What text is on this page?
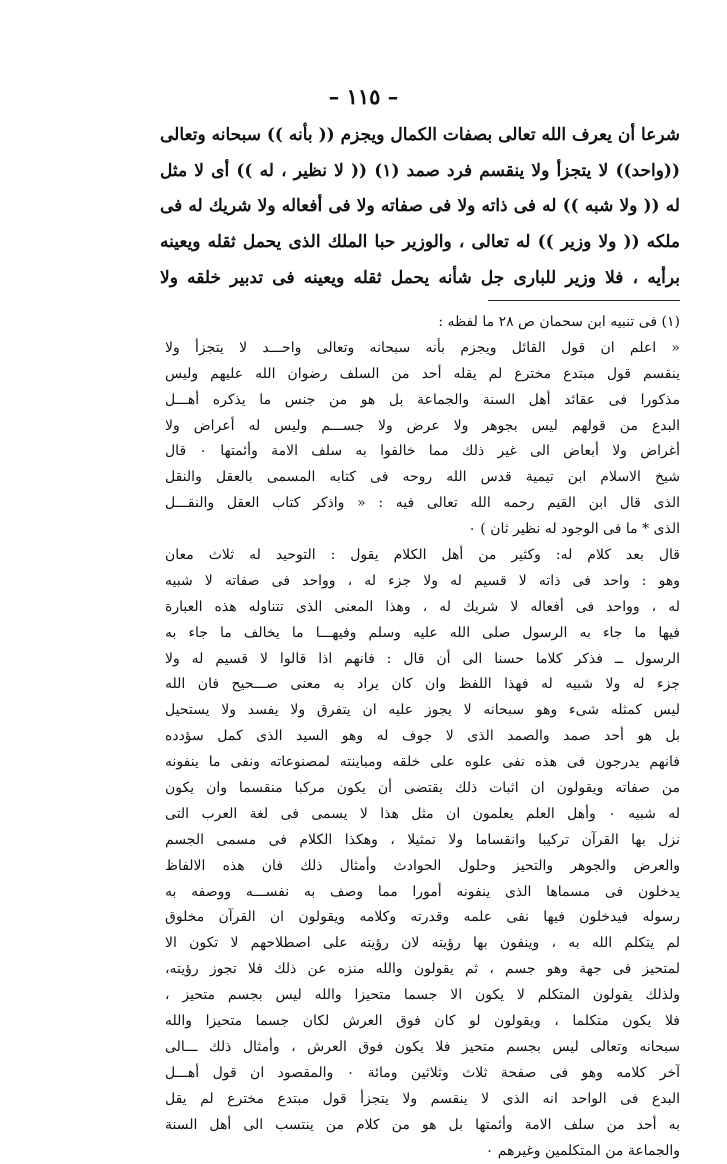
– ١١٥ –
شرعا أن يعرف الله تعالى بصفات الكمال ويجزم (( بأنه )) سبحانه وتعالى
((واحد)) لا يتجزأ ولا ينقسم فرد صمد (١) (( لا نظير ، له )) أى لا مثل
له (( ولا شبه )) له فى ذاته ولا فى صفاته ولا فى أفعاله ولا شريك له فى
ملكه (( ولا وزير )) له تعالى ، والوزير حبا الملك الذى يحمل ثقله ويعينه
برأيه ، فلا وزير للبارى جل شأنه يحمل ثقله ويعينه فى تدبير خلقه ولا
(١) فى تنبيه ابن سحمان ص ٢٨ ما لفظه :
« اعلم ان قول القائل ويجزم بأنه سبحانه وتعالى واحـــد لا يتجزأ ولا
ينقسم قول مبتدع مخترع لم يقله أحد من السلف رضوان الله عليهم وليس
مذكورا فى عقائد أهل السنة والجماعة بل هو من جنس ما يذكره أهـــل
البدع من قولهم ليس بجوهر ولا عرض ولا جســـم وليس له أعراض ولا
أغراض ولا أبعاض الى غير ذلك مما خالفوا به سلف الامة وأئمتها ٠ قال
شيخ الاسلام ابن تيمية قدس الله روحه فى كتابه المسمى بالعقل والنقل
الذى قال ابن القيم رحمه الله تعالى فيه : « واذكر كتاب العقل والنقـــل
الذى * ما فى الوجود له نظير ثان ) ٠
قال بعد كلام له: وكثير من أهل الكلام يقول : التوحيد له ثلاث معان
وهو : واحد فى ذاته لا قسيم له ولا جزء له ، وواحد فى صفاته لا شبيه
له ، وواحد فى أفعاله لا شريك له ، وهذا المعنى الذى تتناوله هذه العبارة
فيها ما جاء به الرسول صلى الله عليه وسلم وفيهـــا ما يخالف ما جاء به
الرسول ــ فذكر كلاما حسنا الى أن قال : فانهم اذا قالوا لا قسيم له ولا
جزء له ولا شبيه له فهذا اللفظ وان كان يراد به معنى صـــحيح فان الله
ليس كمثله شىء وهو سبحانه لا يجوز عليه ان يتفرق ولا يفسد ولا يستحيل
بل هو أحد صمد والصمد الذى لا جوف له وهو السيد الذى كمل سؤدده
فانهم يدرجون فى هذه نفى علوه على خلقه ومباينته لمصنوعاته ونفى ما ينفونه
من صفاته ويقولون ان اثبات ذلك يقتضى أن يكون مركبا منقسما وان يكون
له شبيه ٠ وأهل العلم يعلمون ان مثل هذا لا يسمى فى لغة العرب التى
نزل بها القرآن تركيبا وانقساما ولا تمثيلا ، وهكذا الكلام فى مسمى الجسم
والعرض والجوهر والتحيز وحلول الحوادث وأمثال ذلك فان هذه الالفاظ
يدخلون فى مسماها الذى ينفونه أمورا مما وصف به نفســـه ووصفه به
رسوله فيدخلون فيها نفى علمه وقدرته وكلامه ويقولون ان القرآن مخلوق
لم يتكلم الله به ، وينفون بها رؤيته لان رؤيته على اصطلاحهم لا تكون الا
لمتحيز فى جهة وهو جسم ، ثم يقولون والله منزه عن ذلك فلا تجوز رؤيته،
ولذلك يقولون المتكلم لا يكون الا جسما متحيزا والله ليس بجسم متحيز ،
فلا يكون متكلما ، ويقولون لو كان فوق العرش لكان جسما متحيزا والله
سبحانه وتعالى ليس بجسم متحيز فلا يكون فوق العرش ، وأمثال ذلك ـــالى
آخر كلامه وهو فى صفحة ثلاث وثلاثين ومائة ٠ والمقصود ان قول أهـــل
البدع فى الواحد انه الذى لا ينقسم ولا يتجزأ قول مبتدع مخترع لم يقل
به أحد من سلف الامة وأئمتها بل هو من كلام من ينتسب الى أهل السنة
والجماعة من المتكلمين وغيرهم ٠
